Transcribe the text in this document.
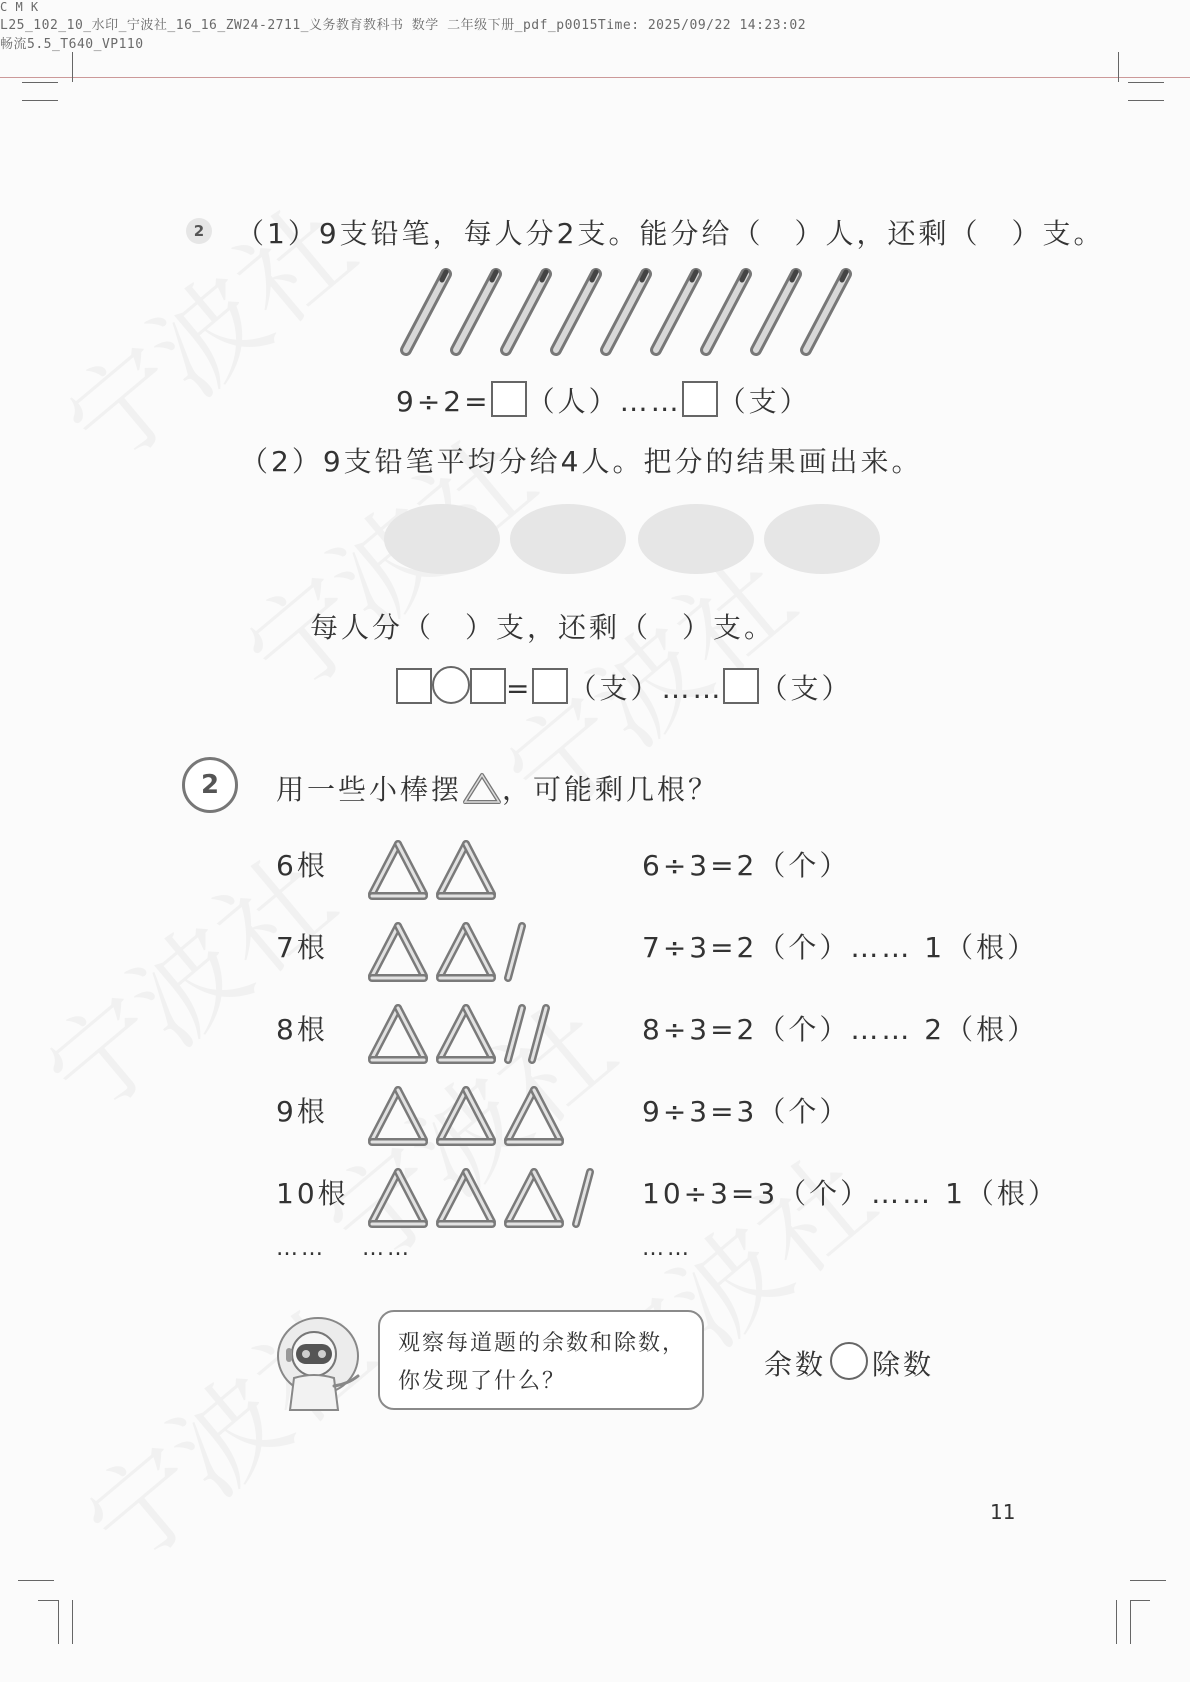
C M K
L25_102_10_水印_宁波社_16_16_ZW24-2711_义务教育教科书 数学 二年级下册_pdf_p0015Time: 2025/09/22 14:23:02
2 （1）9支铅笔，每人分2支。能分给（　）人，还剩（　）支。
9÷2= （人）…… （支）
（2）9支铅笔平均分给4人。把分的结果画出来。
每人分（　）支，还剩（　）支。
= （支）…… （支）
2	用一些小棒摆 ，可能剩几根？
6根	6÷3=2（个）
7根	7÷3=2（个）…… 1（根）
8根	8÷3=2（个）…… 2（根）
9根	9÷3=3（个）
10根	10÷3=3（个）…… 1（根）
…… ……	……
观察每道题的余数和除数，
你发现了什么？
余数 除数
11
畅流5.5_T640_VP110
